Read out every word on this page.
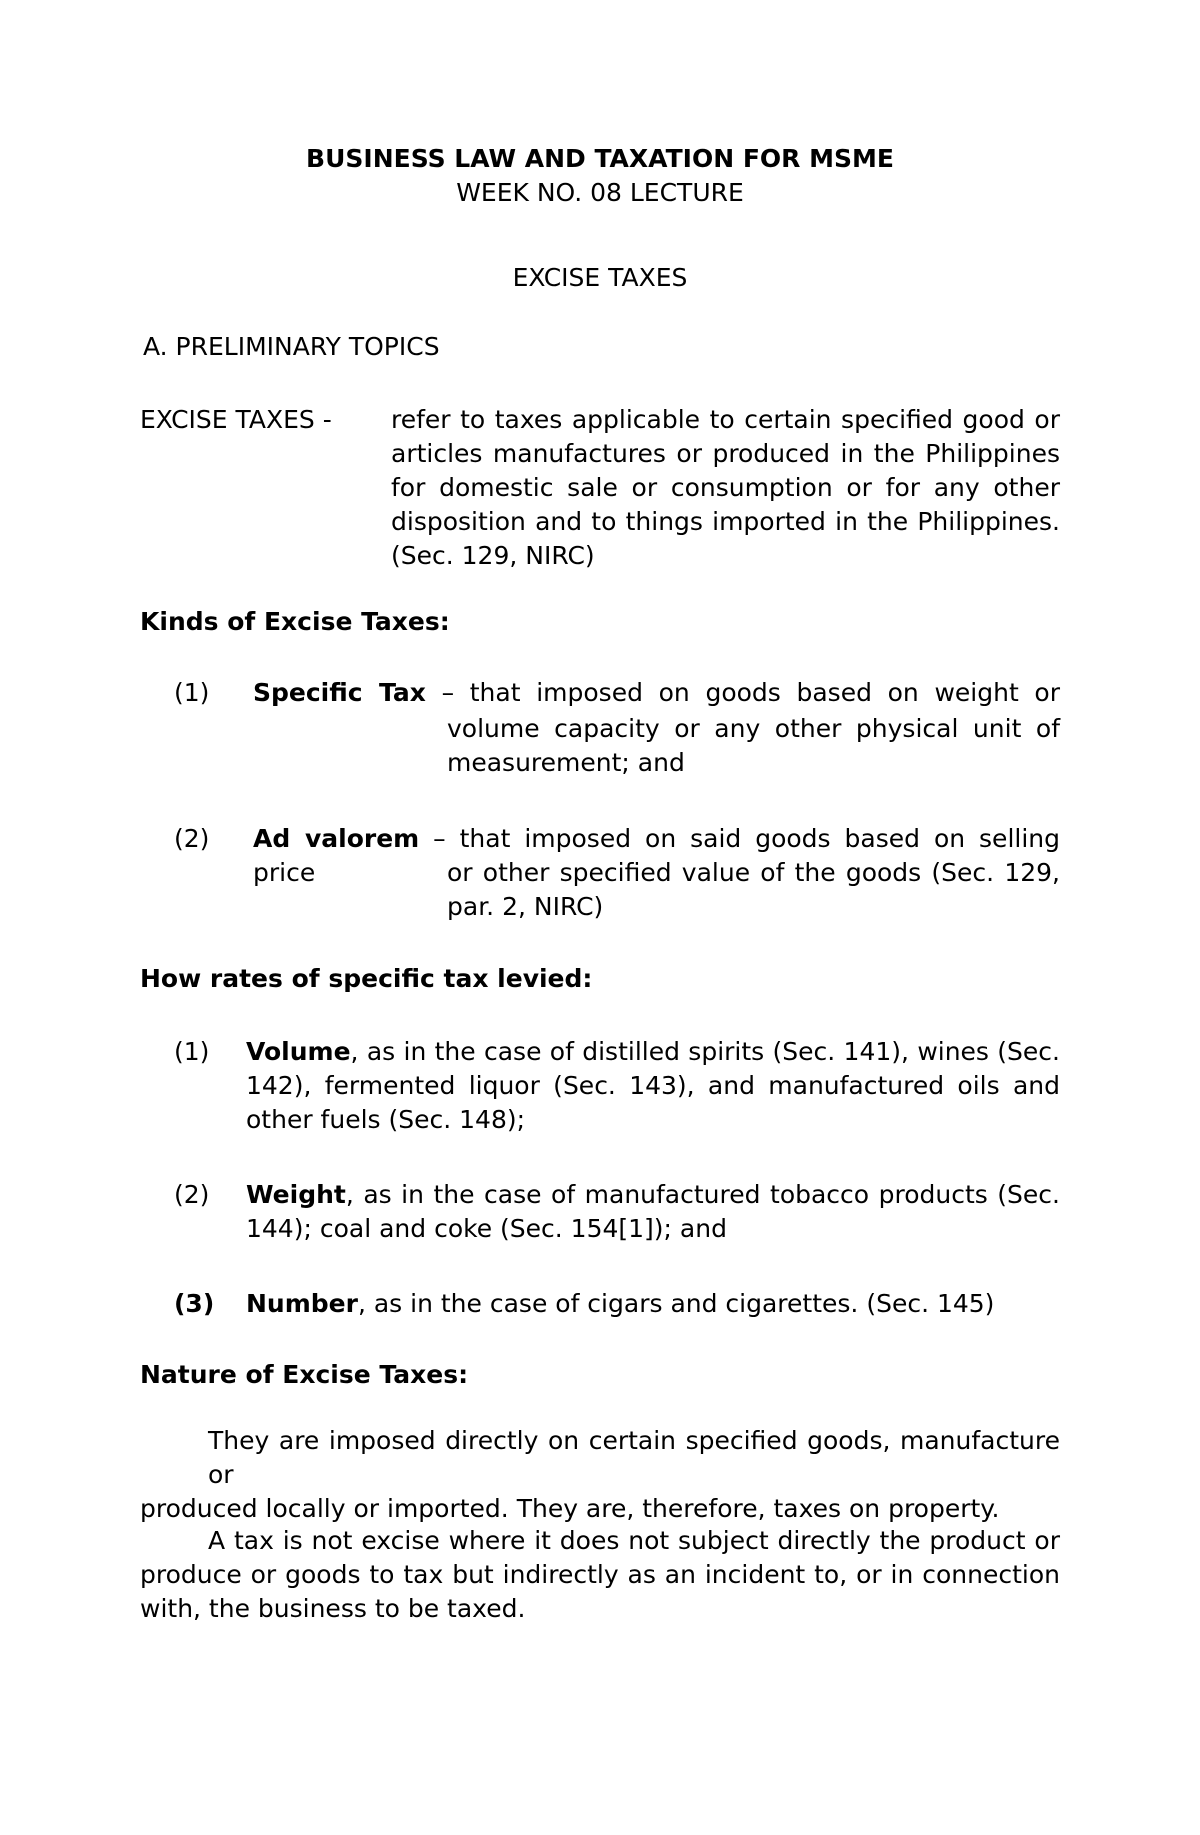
BUSINESS LAW AND TAXATION FOR MSME
WEEK NO. 08 LECTURE
EXCISE TAXES
A. PRELIMINARY TOPICS
EXCISE TAXES - refer to taxes applicable to certain specified good or
articles manufactures or produced in the Philippines
for domestic sale or consumption or for any other
disposition and to things imported in the Philippines.
(Sec. 129, NIRC)
Kinds of Excise Taxes:
(1) Specific Tax – that imposed on goods based on weight or
volume capacity or any other physical unit of
measurement; and
(2) Ad valorem – that imposed on said goods based on selling price	or other specified value of the goods (Sec. 129,
par. 2, NIRC)
How rates of specific tax levied:
(1) Volume, as in the case of distilled spirits (Sec. 141), wines (Sec.
142), fermented liquor (Sec. 143), and manufactured oils and
other fuels (Sec. 148);
(2) Weight, as in the case of manufactured tobacco products (Sec.
144); coal and coke (Sec. 154[1]); and
(3) Number, as in the case of cigars and cigarettes. (Sec. 145)
Nature of Excise Taxes:
They are imposed directly on certain specified goods, manufacture or
produced locally or imported. They are, therefore, taxes on property.
A tax is not excise where it does not subject directly the product or
produce or goods to tax but indirectly as an incident to, or in connection
with, the business to be taxed.
